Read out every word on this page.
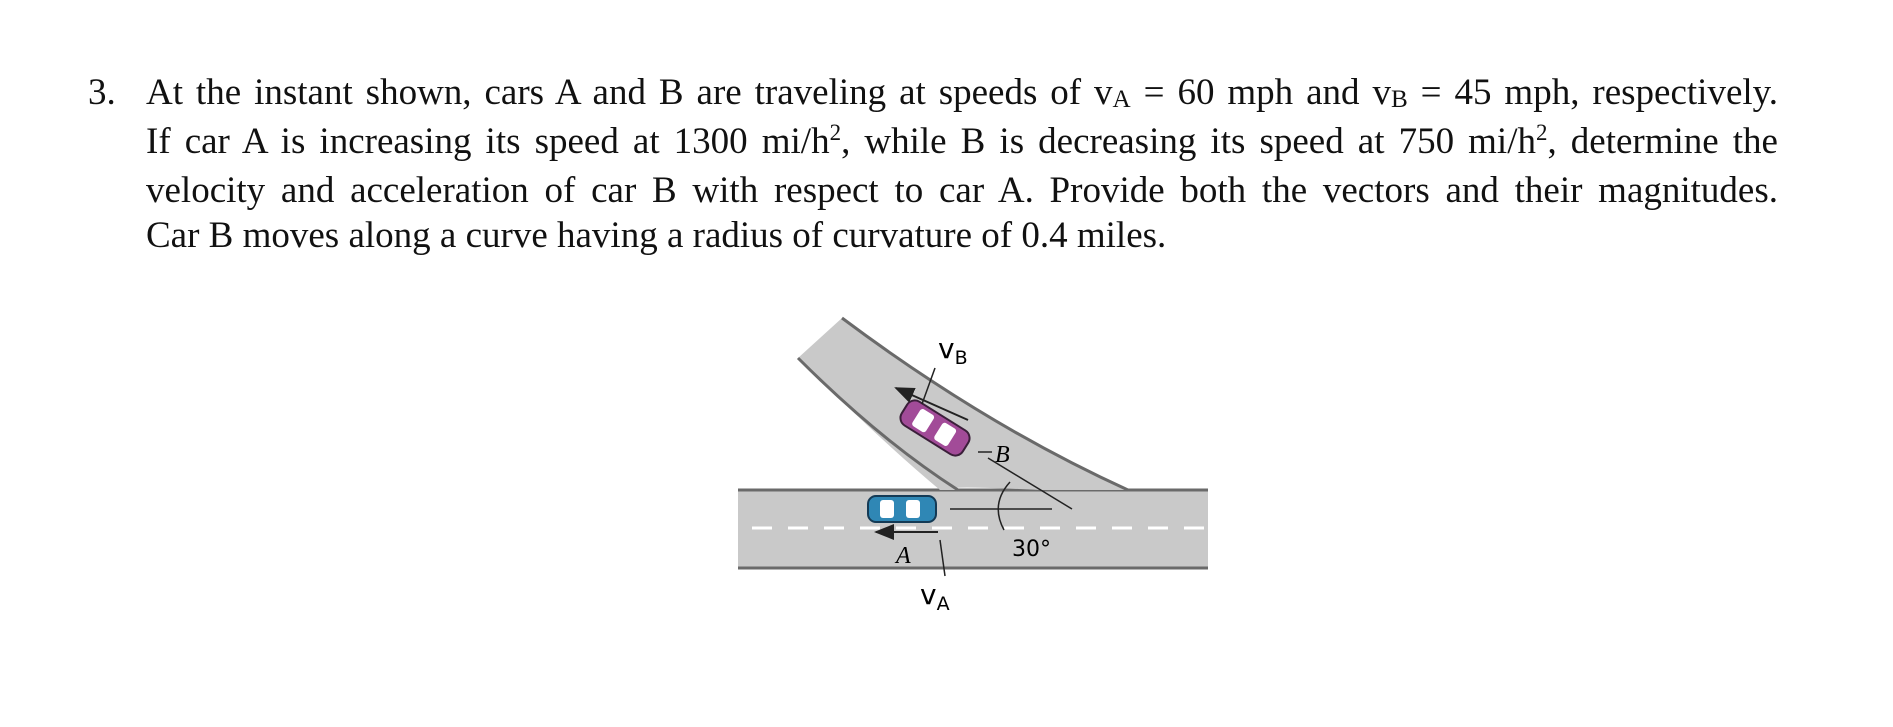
3. At the instant shown, cars A and B are traveling at speeds of vA = 60 mph and vB = 45 mph, respectively.
If car A is increasing its speed at 1300 $mi/h^2$, while B is decreasing its speed at 750 $mi/h^2$, determine the
velocity and acceleration of car B with respect to car A. Provide both the vectors and their magnitudes.
Car B moves along a curve having a radius of curvature of 0.4 miles.
$v_B$
$v_A$
A
B
30°
